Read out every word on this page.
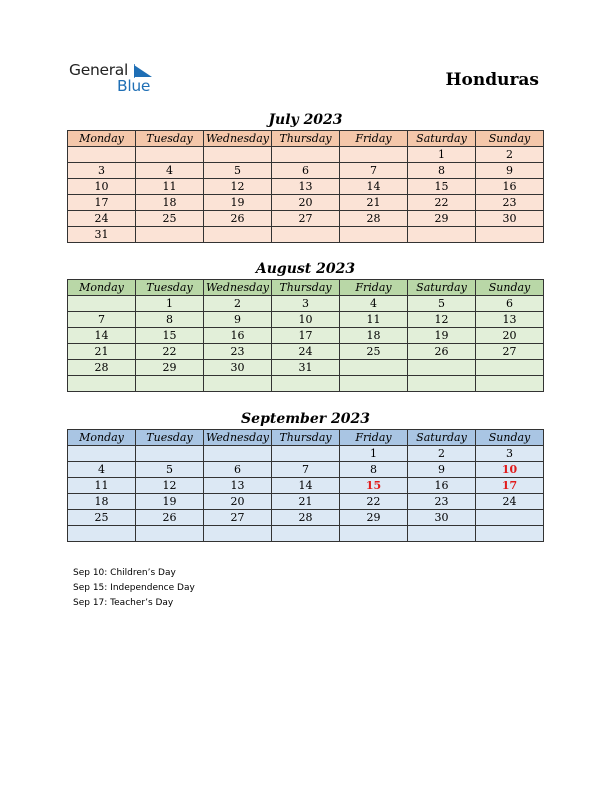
General
Blue	Honduras
July 2023
Monday	Tuesday	Wednesday	Thursday	Friday	Saturday	Sunday
					1	2
3	4	5	6	7	8	9
10	11	12	13	14	15	16
17	18	19	20	21	22	23
24	25	26	27	28	29	30
31						
August 2023
Monday	Tuesday	Wednesday	Thursday	Friday	Saturday	Sunday
	1	2	3	4	5	6
7	8	9	10	11	12	13
14	15	16	17	18	19	20
21	22	23	24	25	26	27
28	29	30	31			

September 2023
Monday	Tuesday	Wednesday	Thursday	Friday	Saturday	Sunday
				1	2	3
4	5	6	7	8	9	10
11	12	13	14	15	16	17
18	19	20	21	22	23	24
25	26	27	28	29	30	

Sep 10: Children’s Day
Sep 15: Independence Day
Sep 17: Teacher’s Day
